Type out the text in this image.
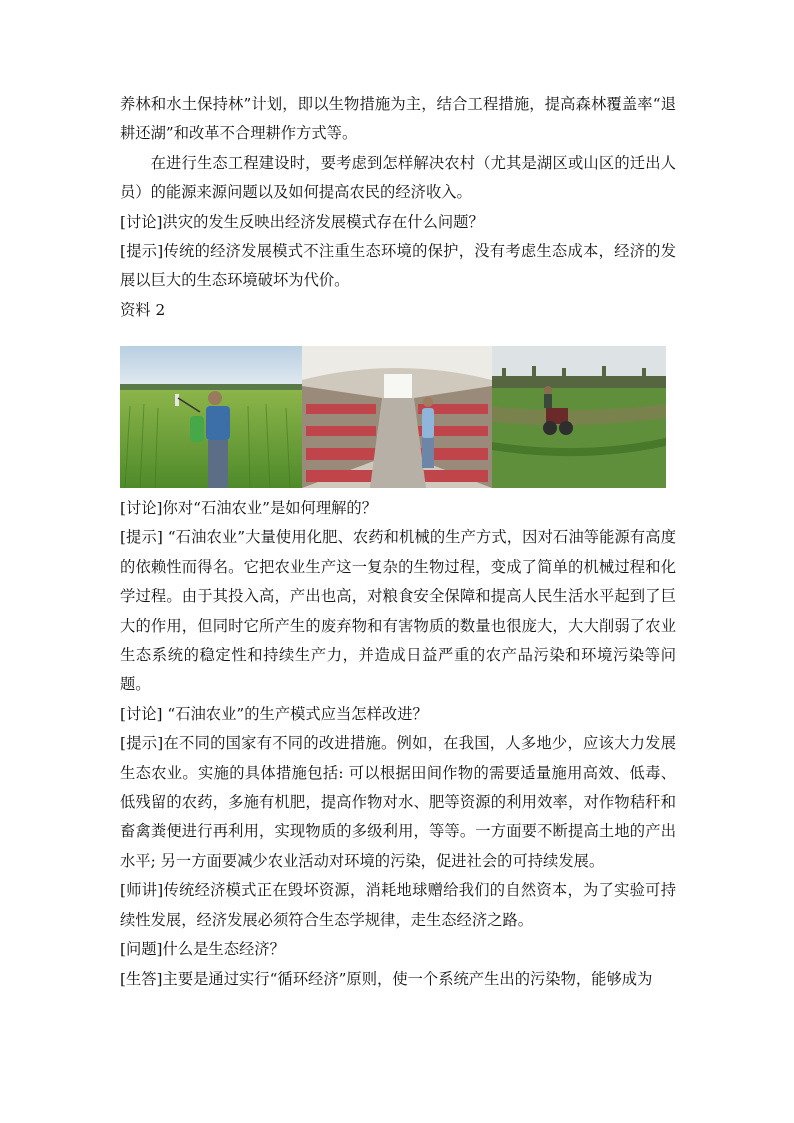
养林和水土保持林”计划，即以生物措施为主，结合工程措施，提高森林覆盖率“退耕还湖”和改革不合理耕作方式等。

在进行生态工程建设时，要考虑到怎样解决农村（尤其是湖区或山区的迁出人员）的能源来源问题以及如何提高农民的经济收入。

[讨论]洪灾的发生反映出经济发展模式存在什么问题？

[提示]传统的经济发展模式不注重生态环境的保护，没有考虑生态成本，经济的发展以巨大的生态环境破坏为代价。

资料 2

[讨论]你对“石油农业”是如何理解的？

[提示] “石油农业”大量使用化肥、农药和机械的生产方式，因对石油等能源有高度的依赖性而得名。它把农业生产这一复杂的生物过程，变成了简单的机械过程和化学过程。由于其投入高，产出也高，对粮食安全保障和提高人民生活水平起到了巨大的作用，但同时它所产生的废弃物和有害物质的数量也很庞大，大大削弱了农业生态系统的稳定性和持续生产力，并造成日益严重的农产品污染和环境污染等问题。

[讨论] “石油农业”的生产模式应当怎样改进？

[提示]在不同的国家有不同的改进措施。例如，在我国，人多地少，应该大力发展生态农业。实施的具体措施包括: 可以根据田间作物的需要适量施用高效、低毒、低残留的农药，多施有机肥，提高作物对水、肥等资源的利用效率，对作物秸秆和畜禽粪便进行再利用，实现物质的多级利用，等等。一方面要不断提高土地的产出水平; 另一方面要减少农业活动对环境的污染，促进社会的可持续发展。

[师讲]传统经济模式正在毁坏资源，消耗地球赠给我们的自然资本，为了实验可持续性发展，经济发展必须符合生态学规律，走生态经济之路。

[问题]什么是生态经济？

[生答]主要是通过实行“循环经济”原则，使一个系统产生出的污染物，能够成为
